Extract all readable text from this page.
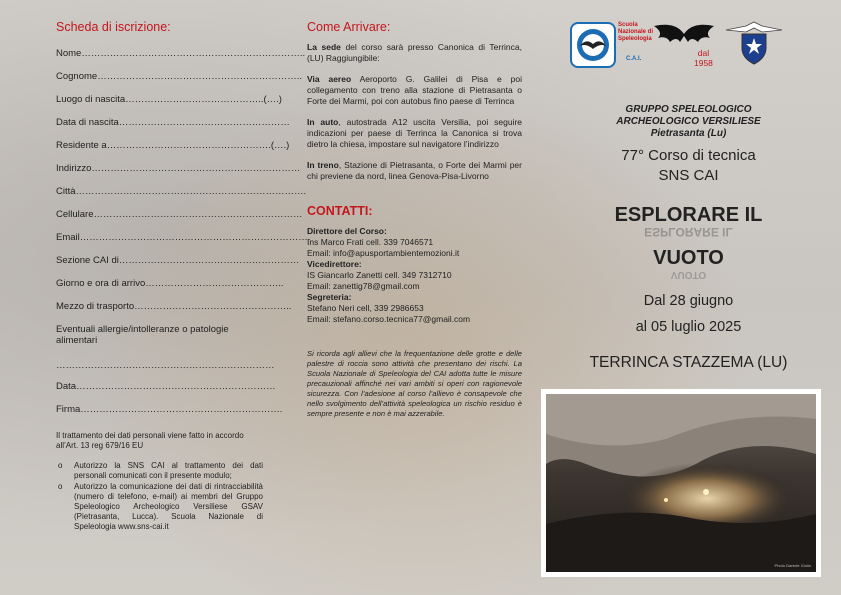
Scheda di iscrizione:
Nome……………………………………………………………..
Cognome………………………………………………………..
Luogo di nascita……………………………………..(….)
Data di nascita………………………………………………
Residente a…………………………………………….(….)
Indirizzo…………………………………………………………
Città……………………………………………………………….
Cellulare…………………………………………………………
Email……………………………………………………………….
Sezione CAI di…………………………………………………
Giorno e ora di arrivo……………………………………..
Mezzo di trasporto…………………………………………..
Eventuali allergie/intolleranze o patologie alimentari
……………………………………………………………
Data………………………………………………………
Firma……………………………………………………….
Il trattamento dei dati personali viene fatto in accordo all’Art. 13 reg 679/16 EU
o Autorizzo la SNS CAI al trattamento dei dati personali comunicati con il presente modulo;
o Autorizzo la comunicazione dei dati di rintracciabilità (numero di telefono, e-mail) ai membri del Gruppo Speleologico Archeologico Versiliese GSAV (Pietrasanta, Lucca). Scuola Nazionale di Speleologia www.sns-cai.it
Come Arrivare:

La sede del corso sarà presso Canonica di Terrinca, (LU) Raggiungibile:

Via aereo Aeroporto G. Galilei di Pisa e poi collegamento con treno alla stazione di Pietrasanta o Forte dei Marmi, poi con autobus fino paese di Terrinca

In auto, autostrada A12 uscita Versilia, poi seguire indicazioni per paese di Terrinca la Canonica si trova dietro la chiesa, impostare sul navigatore l’indirizzo

In treno, Stazione di Pietrasanta, o Forte dei Marmi per chi previene da nord, linea Genova-Pisa-Livorno

CONTATTI:
Direttore del Corso:
Ins Marco Frati cell. 339 7046571
Email: info@apusportambientemozioni.it
Vicedirettore:
IS Giancarlo Zanetti cell. 349 7312710
Email: zanettig78@gmail.com
Segreteria:
Stefano Neri cell, 339 2986653
Email: stefano.corso.tecnica77@gmail.com
Si ricorda agli allievi che la frequentazione delle grotte e delle palestre di roccia sono attività che presentano dei rischi. La Scuola Nazionale di Speleologia del CAI adotta tutte le misure precauzionali affinché nei vari ambiti si operi con ragionevole sicurezza. Con l’adesione al corso l’allievo è consapevole che nello svolgimento dell’attività speleologica un rischio residuo è sempre presente e non è mai azzerabile.
Scuola
Nazionale di
Speleologia
C.A.I.
dal
1958
GRUPPO SPELEOLOGICO
ARCHEOLOGICO VERSILIESE
Pietrasanta (Lu)
77° Corso di tecnica
SNS CAI
ESPLORARE IL
ESPLORARE IL
VUOTO
VUOTO
Dal 28 giugno
al 05 luglio 2025
TERRINCA STAZZEMA (LU)
Photo Daniele Giulio
